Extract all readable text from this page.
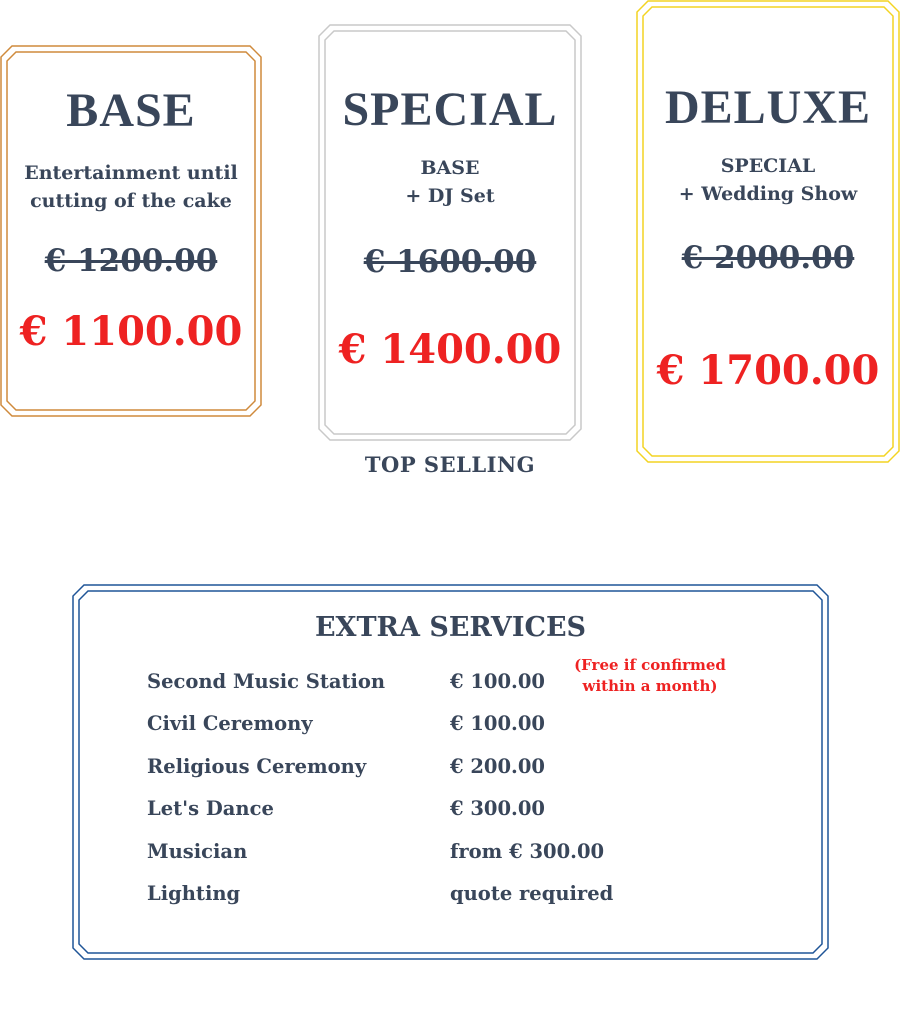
BASE
Entertainment until
cutting of the cake
€ 1200.00
€ 1100.00
SPECIAL
BASE
+ DJ Set
€ 1600.00
€ 1400.00
TOP SELLING
DELUXE
SPECIAL
+ Wedding Show
€ 2000.00
€ 1700.00
EXTRA SERVICES
Second Music Station	€ 100.00
(Free if confirmed
within a month)
Civil Ceremony	€ 100.00
Religious Ceremony	€ 200.00
Let's Dance	€ 300.00
Musician	from € 300.00
Lighting	quote required
